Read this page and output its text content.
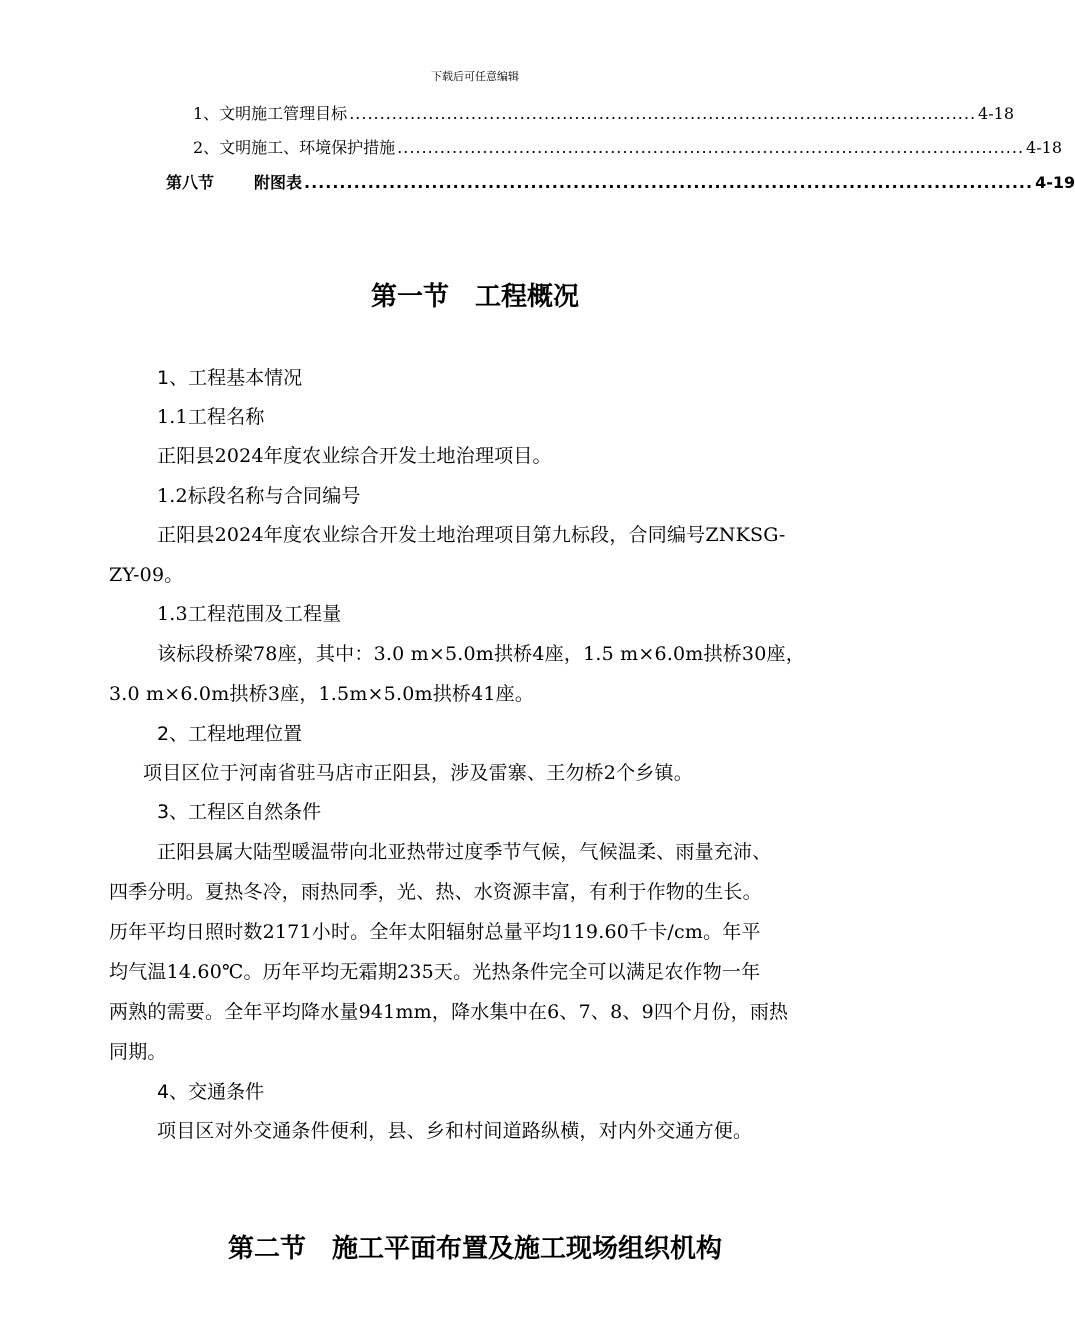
下载后可任意编辑
1、文明施工管理目标 ....................................................................................................... 4-18
2、文明施工、环境保护措施 ....................................................................................................... 4-18
第八节 附图表 ....................................................................................................... 4-19
第一节　工程概况
1、工程基本情况
1.1工程名称
正阳县2024年度农业综合开发土地治理项目。
1.2标段名称与合同编号
正阳县2024年度农业综合开发土地治理项目第九标段，合同编号ZNKSG-
ZY-09。
1.3工程范围及工程量
该标段桥梁78座，其中：3.0 m×5.0m拱桥4座，1.5 m×6.0m拱桥30座，
3.0 m×6.0m拱桥3座，1.5m×5.0m拱桥41座。
2、工程地理位置
项目区位于河南省驻马店市正阳县，涉及雷寨、王勿桥2个乡镇。
3、工程区自然条件
正阳县属大陆型暖温带向北亚热带过度季节气候，气候温柔、雨量充沛、
四季分明。夏热冬冷，雨热同季，光、热、水资源丰富，有利于作物的生长。
历年平均日照时数2171小时。全年太阳辐射总量平均119.60千卡/cm。年平
均气温14.60℃。历年平均无霜期235天。光热条件完全可以满足农作物一年
两熟的需要。全年平均降水量941mm，降水集中在6、7、8、9四个月份，雨热
同期。
4、交通条件
项目区对外交通条件便利，县、乡和村间道路纵横，对内外交通方便。
第二节　施工平面布置及施工现场组织机构
